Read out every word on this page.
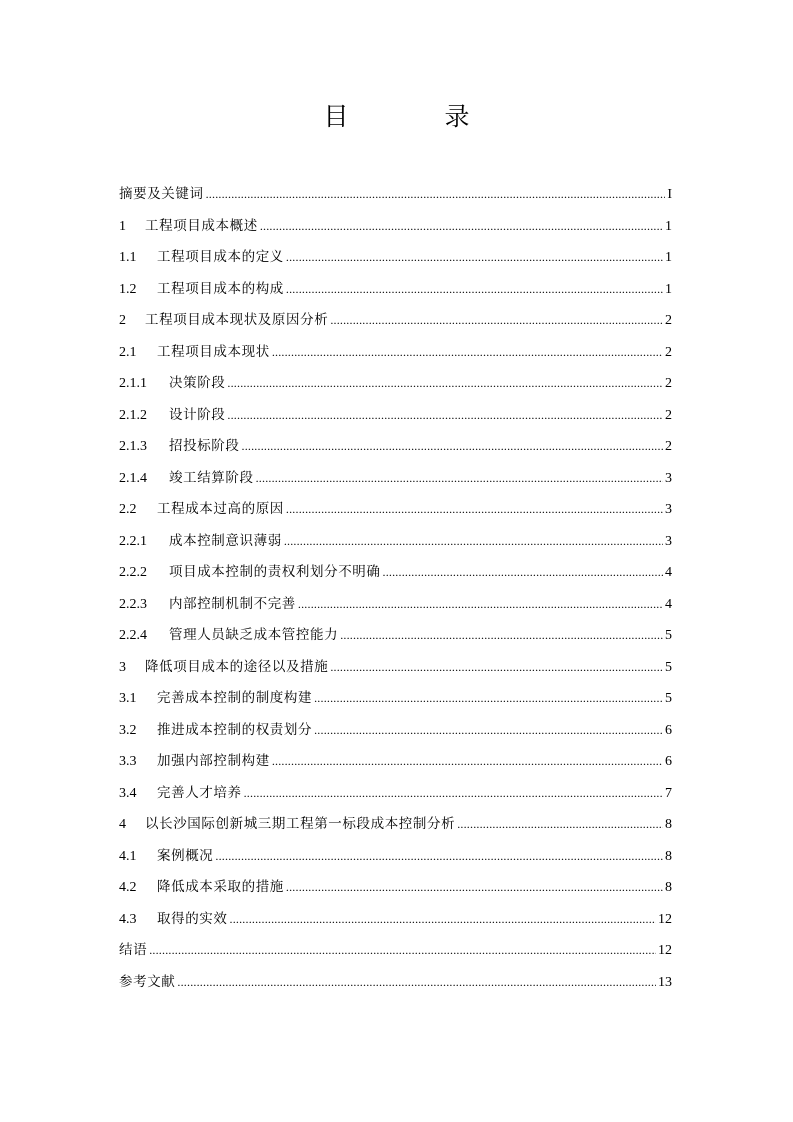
目 录
摘要及关键词 .....	I
1	工程项目成本概述 .....	1
1.1	工程项目成本的定义 .....	1
1.2	工程项目成本的构成 .....	1
2	工程项目成本现状及原因分析 .....	2
2.1	工程项目成本现状 .....	2
2.1.1	决策阶段 .....	2
2.1.2	设计阶段 .....	2
2.1.3	招投标阶段 .....	2
2.1.4	竣工结算阶段 .....	3
2.2	工程成本过高的原因 .....	3
2.2.1	成本控制意识薄弱 .....	3
2.2.2	项目成本控制的责权利划分不明确 .....	4
2.2.3	内部控制机制不完善 .....	4
2.2.4	管理人员缺乏成本管控能力 .....	5
3	降低项目成本的途径以及措施 .....	5
3.1	完善成本控制的制度构建 .....	5
3.2	推进成本控制的权责划分 .....	6
3.3	加强内部控制构建 .....	6
3.4	完善人才培养 .....	7
4	以长沙国际创新城三期工程第一标段成本控制分析 .....	8
4.1	案例概况 .....	8
4.2	降低成本采取的措施 .....	8
4.3	取得的实效 .....	12
结语 .....	12
参考文献 .....	13
